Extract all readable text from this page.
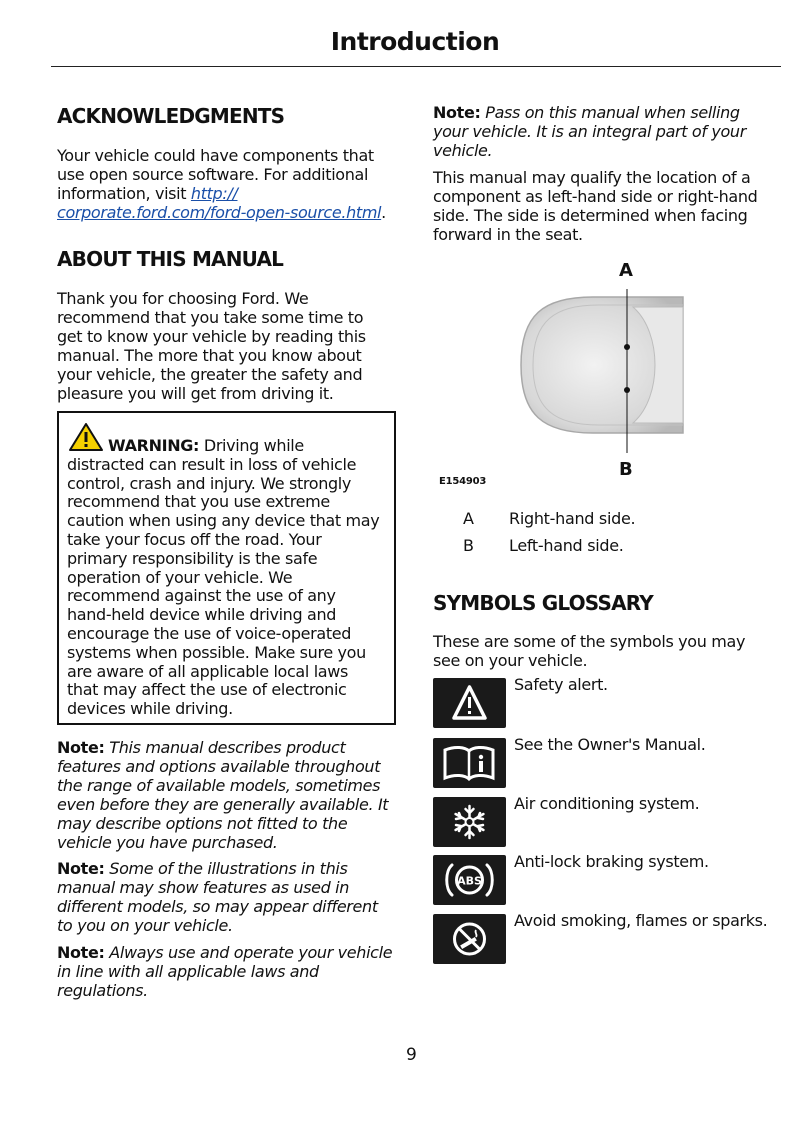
Introduction
ACKNOWLEDGMENTS
Your vehicle could have components that
use open source software. For additional
information, visit http://
corporate.ford.com/ford-open-source.html.
ABOUT THIS MANUAL
Thank you for choosing Ford. We
recommend that you take some time to
get to know your vehicle by reading this
manual. The more that you know about
your vehicle, the greater the safety and
pleasure you will get from driving it.
WARNING: Driving while
distracted can result in loss of vehicle
control, crash and injury. We strongly
recommend that you use extreme
caution when using any device that may
take your focus off the road. Your
primary responsibility is the safe
operation of your vehicle. We
recommend against the use of any
hand-held device while driving and
encourage the use of voice-operated
systems when possible. Make sure you
are aware of all applicable local laws
that may affect the use of electronic
devices while driving.
Note: This manual describes product
features and options available throughout
the range of available models, sometimes
even before they are generally available. It
may describe options not fitted to the
vehicle you have purchased.
Note: Some of the illustrations in this
manual may show features as used in
different models, so may appear different
to you on your vehicle.
Note: Always use and operate your vehicle
in line with all applicable laws and
regulations.
Note: Pass on this manual when selling
your vehicle. It is an integral part of your
vehicle.
This manual may qualify the location of a
component as left-hand side or right-hand
side. The side is determined when facing
forward in the seat.
A
B
E154903
A Right-hand side.
B Left-hand side.
SYMBOLS GLOSSARY
These are some of the symbols you may
see on your vehicle.
Safety alert.
See the Owner's Manual.
Air conditioning system.
ABS
Anti-lock braking system.
Avoid smoking, flames or sparks.
9
